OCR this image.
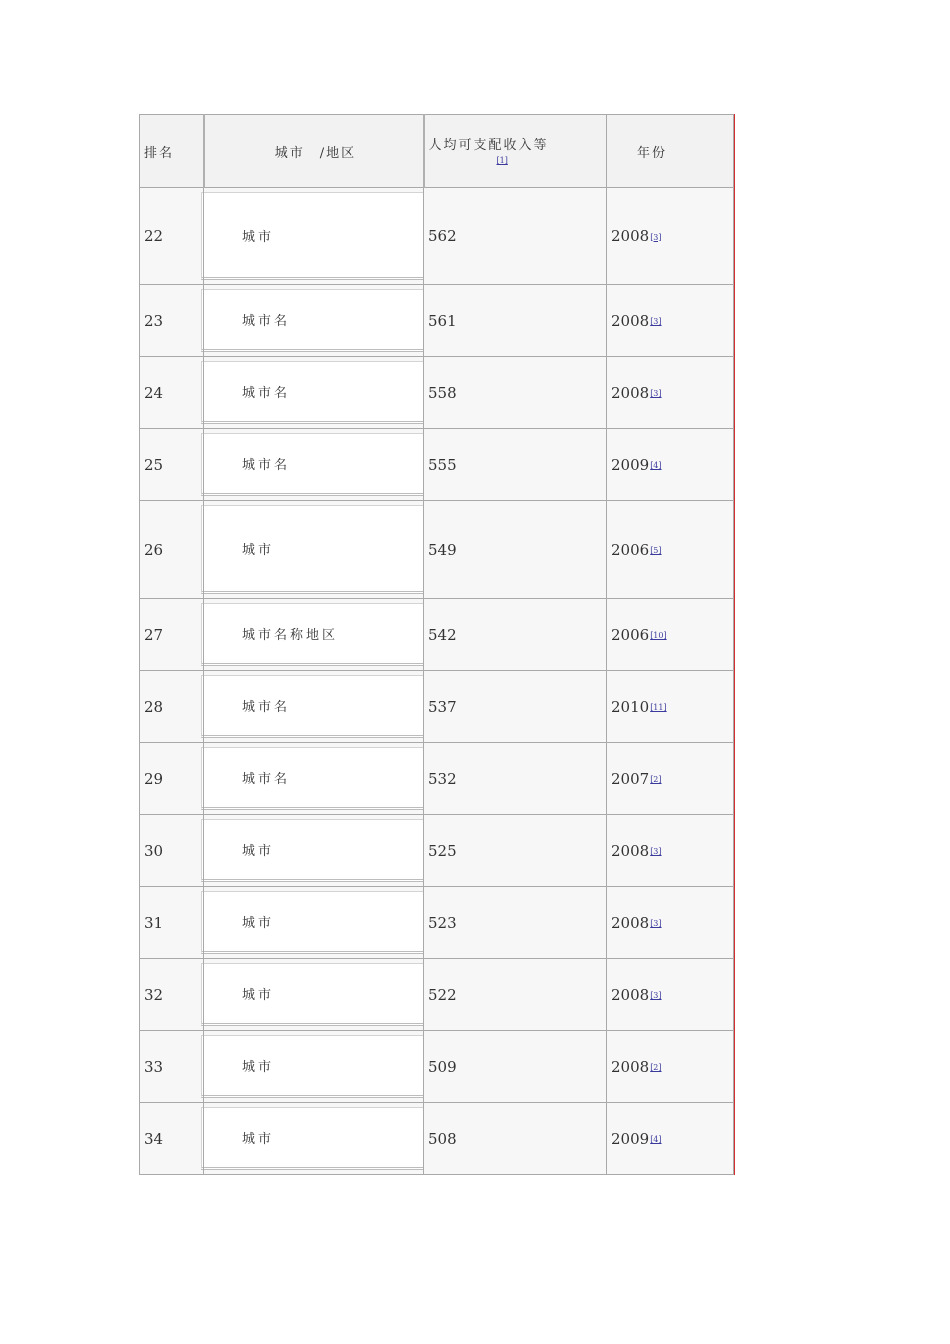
排名	城市　/地区	人均可支配收入等[1]	年份
22	城市	562	2008[3]
23	城市名	561	2008[3]
24	城市名	558	2008[3]
25	城市名	555	2009[4]
26	城市	549	2006[5]
27	城市名称地区	542	2006[10]
28	城市名	537	2010[11]
29	城市名	532	2007[2]
30	城市	525	2008[3]
31	城市	523	2008[3]
32	城市	522	2008[3]
33	城市	509	2008[2]
34	城市	508	2009[4]
